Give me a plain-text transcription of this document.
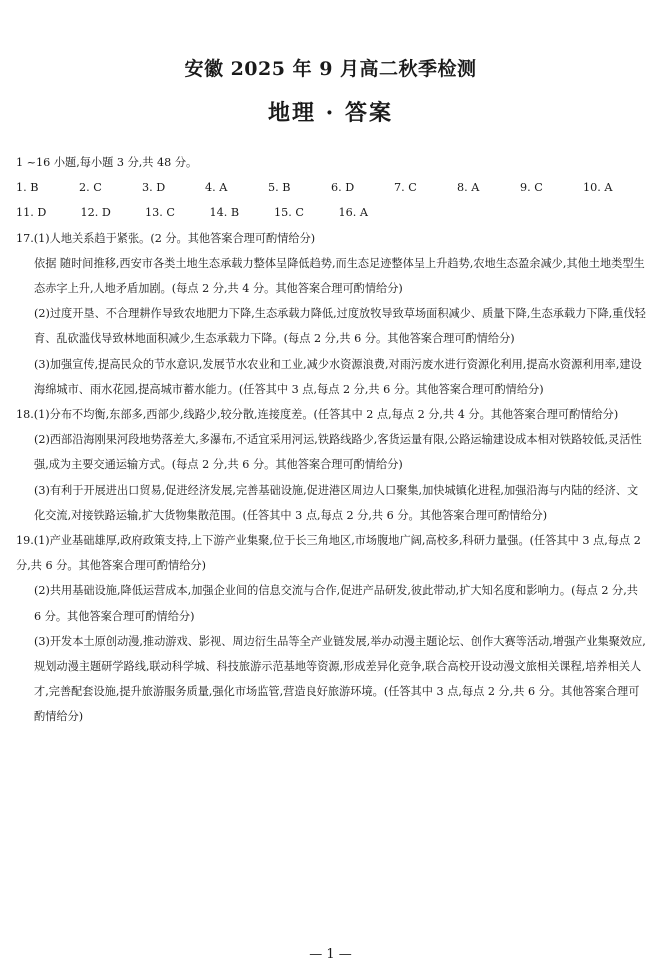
安徽 2025 年 9 月高二秋季检测
地理 · 答案

1 ~16 小题,每小题 3 分,共 48 分。

1. B	2. C	3. D	4. A	5. B	6. D	7. C	8. A	9. C	10. A
11. D	12. D	13. C	14. B	15. C	16. A

17.(1)人地关系趋于紧张。(2 分。其他答案合理可酌情给分)

依据 随时间推移,西安市各类土地生态承载力整体呈降低趋势,而生态足迹整体呈上升趋势,农地生态盈余减少,其他土地类型生态赤字上升,人地矛盾加剧。(每点 2 分,共 4 分。其他答案合理可酌情给分)

(2)过度开垦、不合理耕作导致农地肥力下降,生态承载力降低,过度放牧导致草场面积减少、质量下降,生态承载力下降,重伐轻育、乱砍滥伐导致林地面积减少,生态承载力下降。(每点 2 分,共 6 分。其他答案合理可酌情给分)

(3)加强宣传,提高民众的节水意识,发展节水农业和工业,减少水资源浪费,对雨污废水进行资源化利用,提高水资源利用率,建设海绵城市、雨水花园,提高城市蓄水能力。(任答其中 3 点,每点 2 分,共 6 分。其他答案合理可酌情给分)

18.(1)分布不均衡,东部多,西部少,线路少,较分散,连接度差。(任答其中 2 点,每点 2 分,共 4 分。其他答案合理可酌情给分)

(2)西部沿海刚果河段地势落差大,多瀑布,不适宜采用河运,铁路线路少,客货运量有限,公路运输建设成本相对铁路较低,灵活性强,成为主要交通运输方式。(每点 2 分,共 6 分。其他答案合理可酌情给分)

(3)有利于开展进出口贸易,促进经济发展,完善基础设施,促进港区周边人口聚集,加快城镇化进程,加强沿海与内陆的经济、文化交流,对接铁路运输,扩大货物集散范围。(任答其中 3 点,每点 2 分,共 6 分。其他答案合理可酌情给分)

19.(1)产业基础雄厚,政府政策支持,上下游产业集聚,位于长三角地区,市场腹地广阔,高校多,科研力量强。(任答其中 3 点,每点 2 分,共 6 分。其他答案合理可酌情给分)

(2)共用基础设施,降低运营成本,加强企业间的信息交流与合作,促进产品研发,彼此带动,扩大知名度和影响力。(每点 2 分,共 6 分。其他答案合理可酌情给分)

(3)开发本土原创动漫,推动游戏、影视、周边衍生品等全产业链发展,举办动漫主题论坛、创作大赛等活动,增强产业集聚效应,规划动漫主题研学路线,联动科学城、科技旅游示范基地等资源,形成差异化竞争,联合高校开设动漫文旅相关课程,培养相关人才,完善配套设施,提升旅游服务质量,强化市场监管,营造良好旅游环境。(任答其中 3 点,每点 2 分,共 6 分。其他答案合理可酌情给分)

— 1 —
